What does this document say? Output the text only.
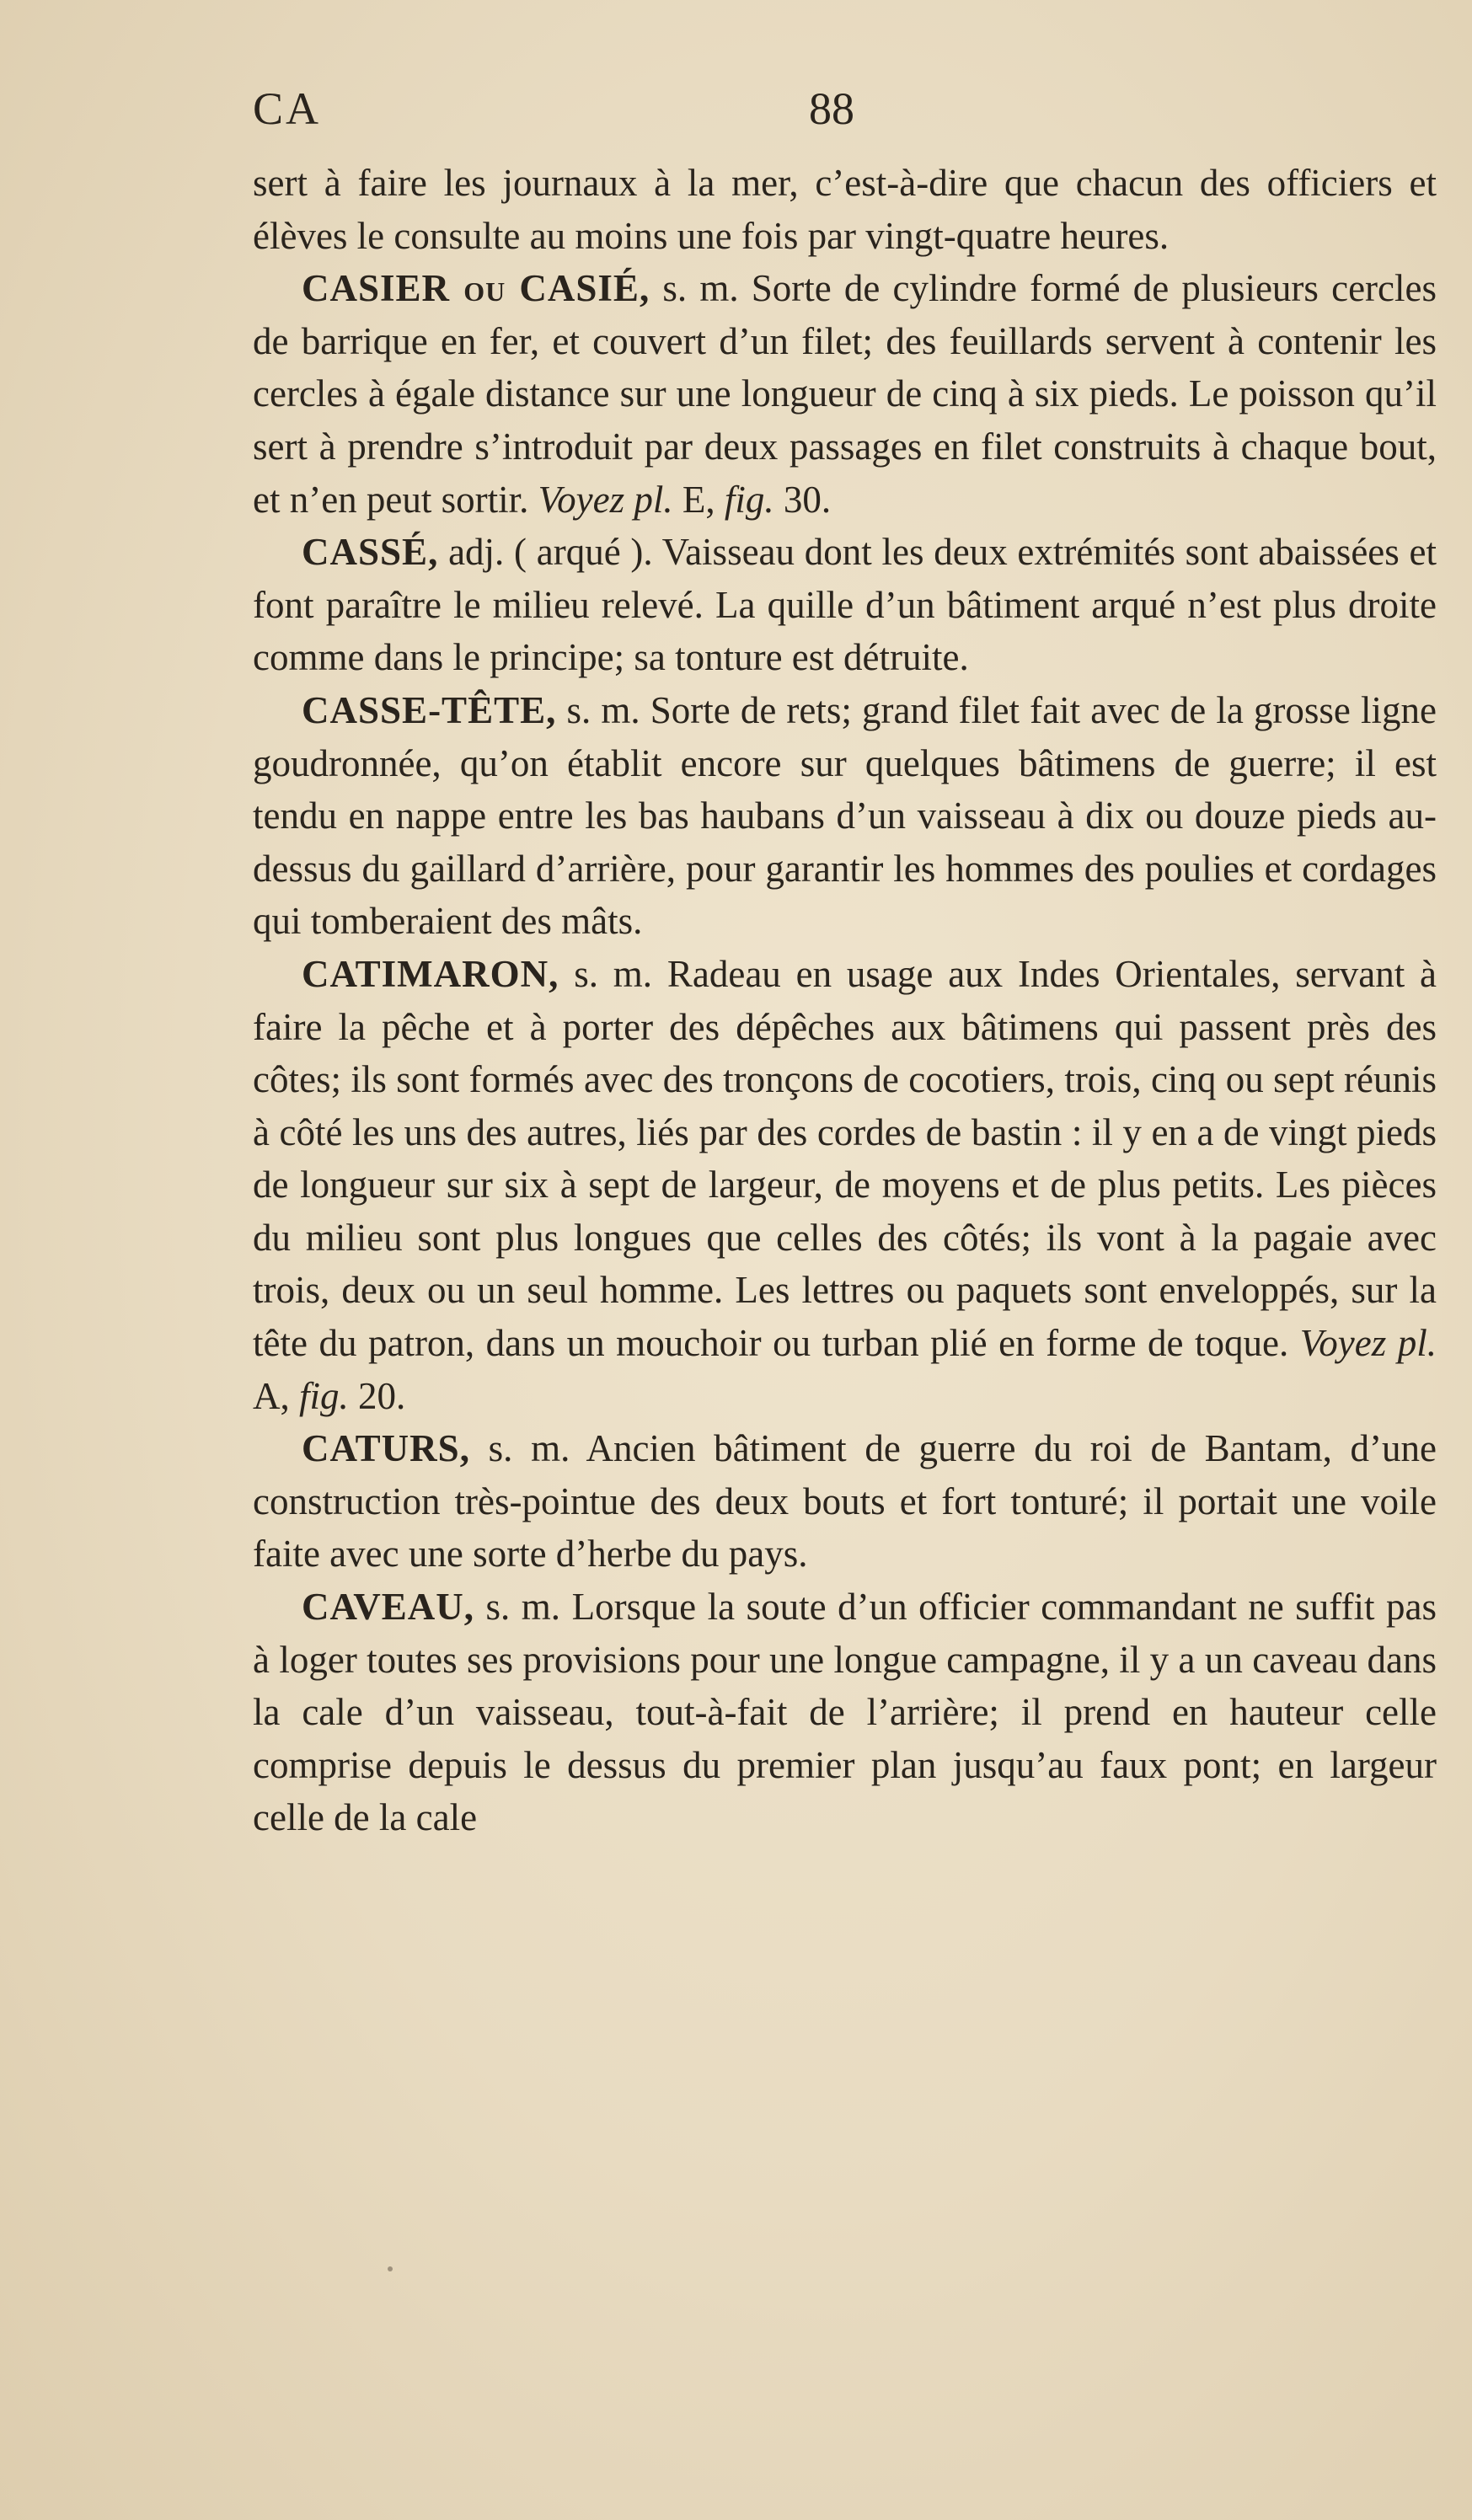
CA	88

sert à faire les journaux à la mer, c’est-à-dire que chacun des officiers et élèves le consulte au moins une fois par vingt-quatre heures.

CASIER ou CASIÉ, s. m. Sorte de cylindre formé de plusieurs cercles de barrique en fer, et couvert d’un filet; des feuillards servent à contenir les cercles à égale distance sur une longueur de cinq à six pieds. Le poisson qu’il sert à prendre s’introduit par deux passages en filet construits à chaque bout, et n’en peut sortir. Voyez pl. E, fig. 30.

CASSÉ, adj. ( arqué ). Vaisseau dont les deux extrémités sont abaissées et font paraître le milieu relevé. La quille d’un bâtiment arqué n’est plus droite comme dans le principe; sa tonture est détruite.

CASSE-TÊTE, s. m. Sorte de rets; grand filet fait avec de la grosse ligne goudronnée, qu’on établit encore sur quelques bâtimens de guerre; il est tendu en nappe entre les bas haubans d’un vaisseau à dix ou douze pieds au-dessus du gaillard d’arrière, pour garantir les hommes des poulies et cordages qui tomberaient des mâts.

CATIMARON, s. m. Radeau en usage aux Indes Orientales, servant à faire la pêche et à porter des dépêches aux bâtimens qui passent près des côtes; ils sont formés avec des tronçons de cocotiers, trois, cinq ou sept réunis à côté les uns des autres, liés par des cordes de bastin : il y en a de vingt pieds de longueur sur six à sept de largeur, de moyens et de plus petits. Les pièces du milieu sont plus longues que celles des côtés; ils vont à la pagaie avec trois, deux ou un seul homme. Les lettres ou paquets sont enveloppés, sur la tête du patron, dans un mouchoir ou turban plié en forme de toque. Voyez pl. A, fig. 20.

CATURS, s. m. Ancien bâtiment de guerre du roi de Bantam, d’une construction très-pointue des deux bouts et fort tonturé; il portait une voile faite avec une sorte d’herbe du pays.

CAVEAU, s. m. Lorsque la soute d’un officier commandant ne suffit pas à loger toutes ses provisions pour une longue campagne, il y a un caveau dans la cale d’un vaisseau, tout-à-fait de l’arrière; il prend en hauteur celle comprise depuis le dessus du premier plan jusqu’au faux pont; en largeur celle de la cale
